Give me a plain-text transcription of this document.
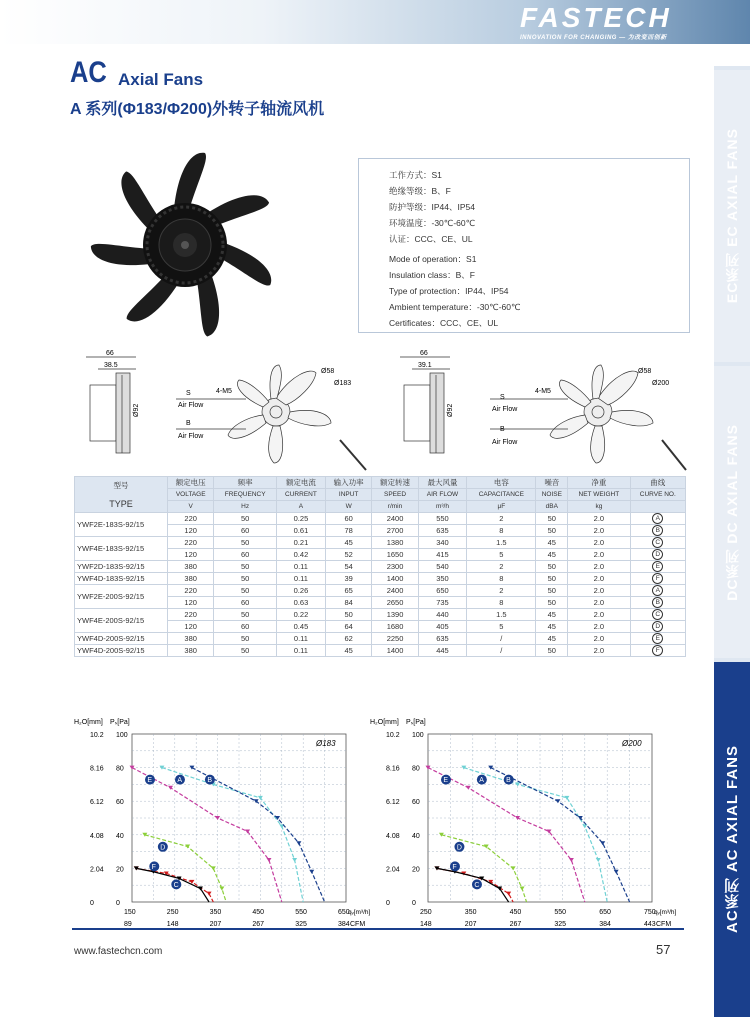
FASTECH
INNOVATION FOR CHANGING — 为改变而创新
AC Axial Fans
A 系列(Φ183/Φ200)外转子轴流风机
EC系列 EC AXIAL FANS
DC系列 DC AXIAL FANS
AC系列 AC AXIAL FANS
工作方式：S1
绝缘等级：B、F
防护等级：IP44、IP54
环境温度：-30℃-60℃
认证：CCC、CE、UL
Mode of operation：S1
Insulation class：B、F
Type of protection：IP44、IP54
Ambient temperature：-30℃-60℃
Certificates：CCC、CE、UL
66
38.5
Ø92
Ø58
Ø183
4-M5
S
Air Flow
B
Air Flow
66
39.1
Ø92
Ø58
Ø200
4-M5
S
Air Flow
B
Air Flow
型号
TYPE	额定电压	频率	额定电流	输入功率	额定转速	最大风量	电容	噪音	净重	曲线
	VOLTAGE	FREQUENCY	CURRENT	INPUT	SPEED	AIR FLOW	CAPACITANCE	NOISE	NET WEIGHT	CURVE NO.
	V	Hz	A	W	r/min	m³/h	μF	dBA	kg	
YWF2E-183S-92/15	220	50	0.25	60	2400	550	2	50	2.0	A
	120	60	0.61	78	2700	635	8	50	2.0	B
YWF4E-183S-92/15	220	50	0.21	45	1380	340	1.5	45	2.0	C
	120	60	0.42	52	1650	415	5	45	2.0	D
YWF2D-183S-92/15	380	50	0.11	54	2300	540	2	50	2.0	E
YWF4D-183S-92/15	380	50	0.11	39	1400	350	8	50	2.0	F
YWF2E-200S-92/15	220	50	0.26	65	2400	650	2	50	2.0	A
	120	60	0.63	84	2650	735	8	50	2.0	B
YWF4E-200S-92/15	220	50	0.22	50	1390	440	1.5	45	2.0	C
	120	60	0.45	64	1680	405	5	45	2.0	D
YWF4D-200S-92/15	380	50	0.11	62	2250	635	/	45	2.0	E
YWF4D-200S-92/15	380	50	0.11	45	1400	445	/	50	2.0	F
H₂O[mm] Pₛ[Pa]
Ø183
10.2 100
8.16 80
6.12 60
4.08 40
2.04 20
0	0
150
89
250
148
350
207
450
267
550
325
650
384
qᵥ[m³/h]
CFM
A	B
C
D
E
F
H₂O[mm] Pₛ[Pa]
Ø200
10.2 100
8.16 80
6.12 60
4.08 40
2.04 20
0	0
250
148
350
207
450
267
550
325
650
384
750
443
qᵥ[m³/h]
CFM
A	B
C
D
E
F
www.fastechcn.com	57
